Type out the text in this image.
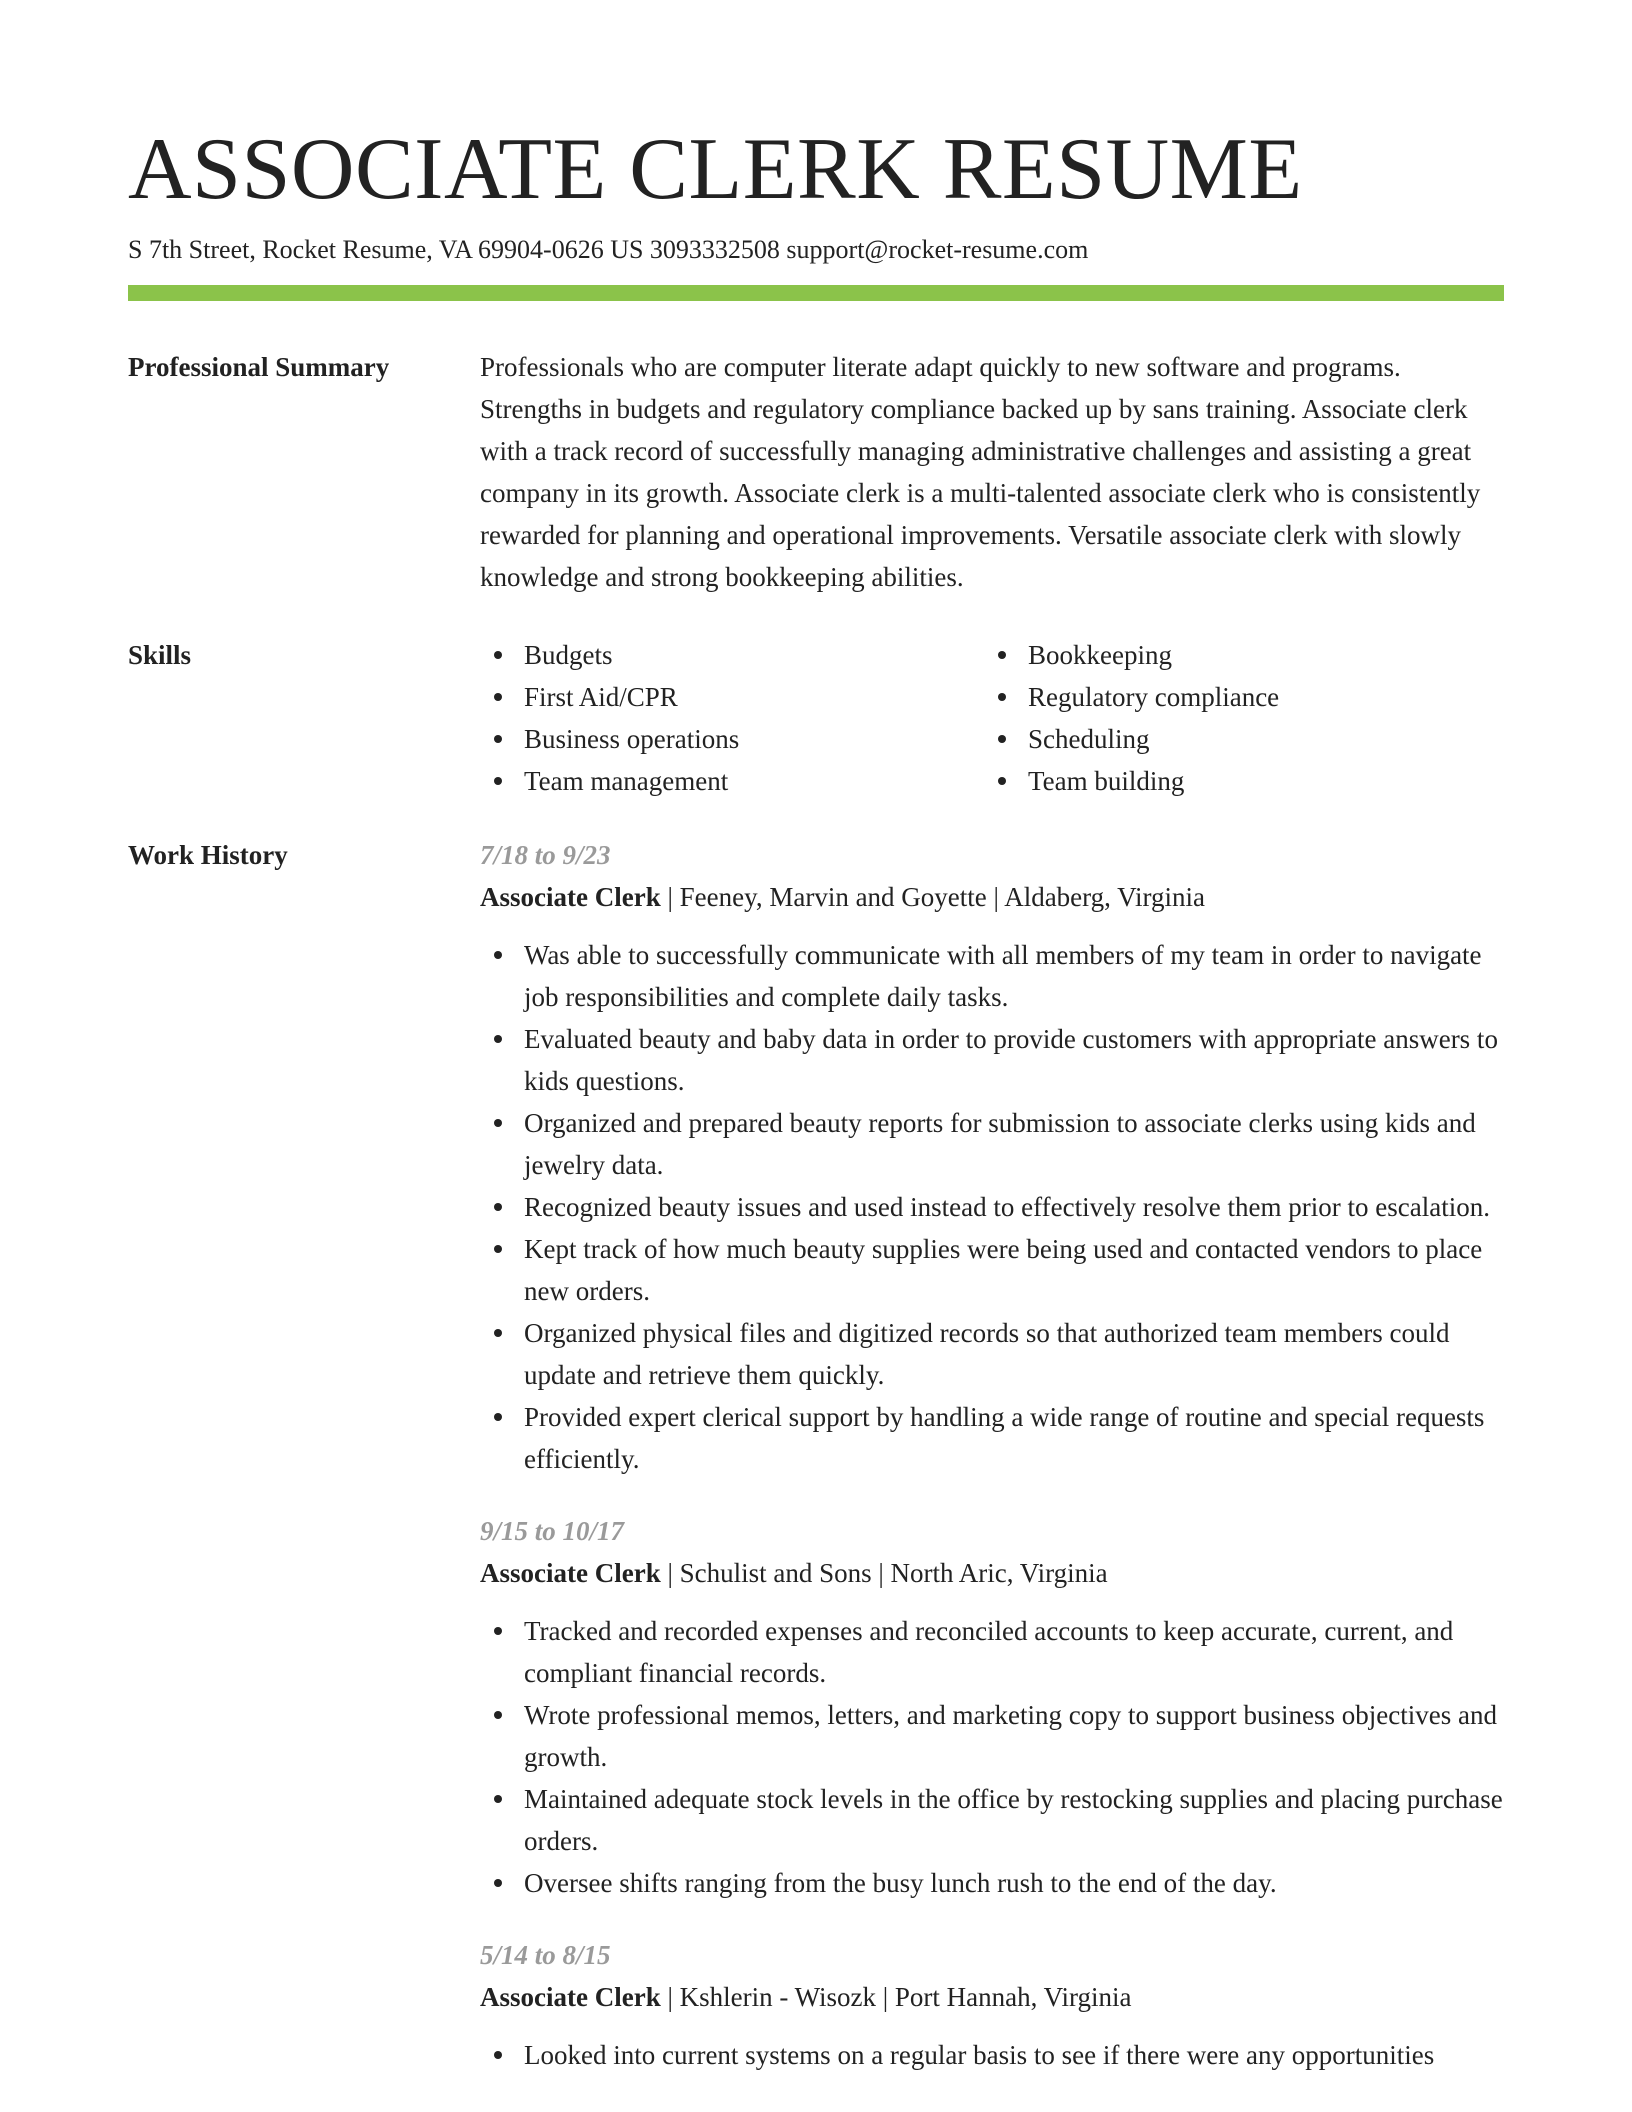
ASSOCIATE CLERK RESUME
S 7th Street, Rocket Resume, VA 69904-0626 US 3093332508 support@rocket-resume.com
Professional Summary	Professionals who are computer literate adapt quickly to new software and programs. Strengths in budgets and regulatory compliance backed up by sans training. Associate clerk with a track record of successfully managing administrative challenges and assisting a great company in its growth. Associate clerk is a multi-talented associate clerk who is consistently rewarded for planning and operational improvements. Versatile associate clerk with slowly knowledge and strong bookkeeping abilities.

Skills	Budgets
First Aid/CPR
Business operations
Team management
Bookkeeping
Regulatory compliance
Scheduling
Team building
Work History	7/18 to 9/23
Associate Clerk | Feeney, Marvin and Goyette | Aldaberg, Virginia
Was able to successfully communicate with all members of my team in order to navigate job responsibilities and complete daily tasks.
Evaluated beauty and baby data in order to provide customers with appropriate answers to kids questions.
Organized and prepared beauty reports for submission to associate clerks using kids and jewelry data.
Recognized beauty issues and used instead to effectively resolve them prior to escalation.
Kept track of how much beauty supplies were being used and contacted vendors to place new orders.
Organized physical files and digitized records so that authorized team members could update and retrieve them quickly.
Provided expert clerical support by handling a wide range of routine and special requests efficiently.
9/15 to 10/17
Associate Clerk | Schulist and Sons | North Aric, Virginia
Tracked and recorded expenses and reconciled accounts to keep accurate, current, and compliant financial records.
Wrote professional memos, letters, and marketing copy to support business objectives and growth.
Maintained adequate stock levels in the office by restocking supplies and placing purchase orders.
Oversee shifts ranging from the busy lunch rush to the end of the day.
5/14 to 8/15
Associate Clerk | Kshlerin - Wisozk | Port Hannah, Virginia
Looked into current systems on a regular basis to see if there were any opportunities
